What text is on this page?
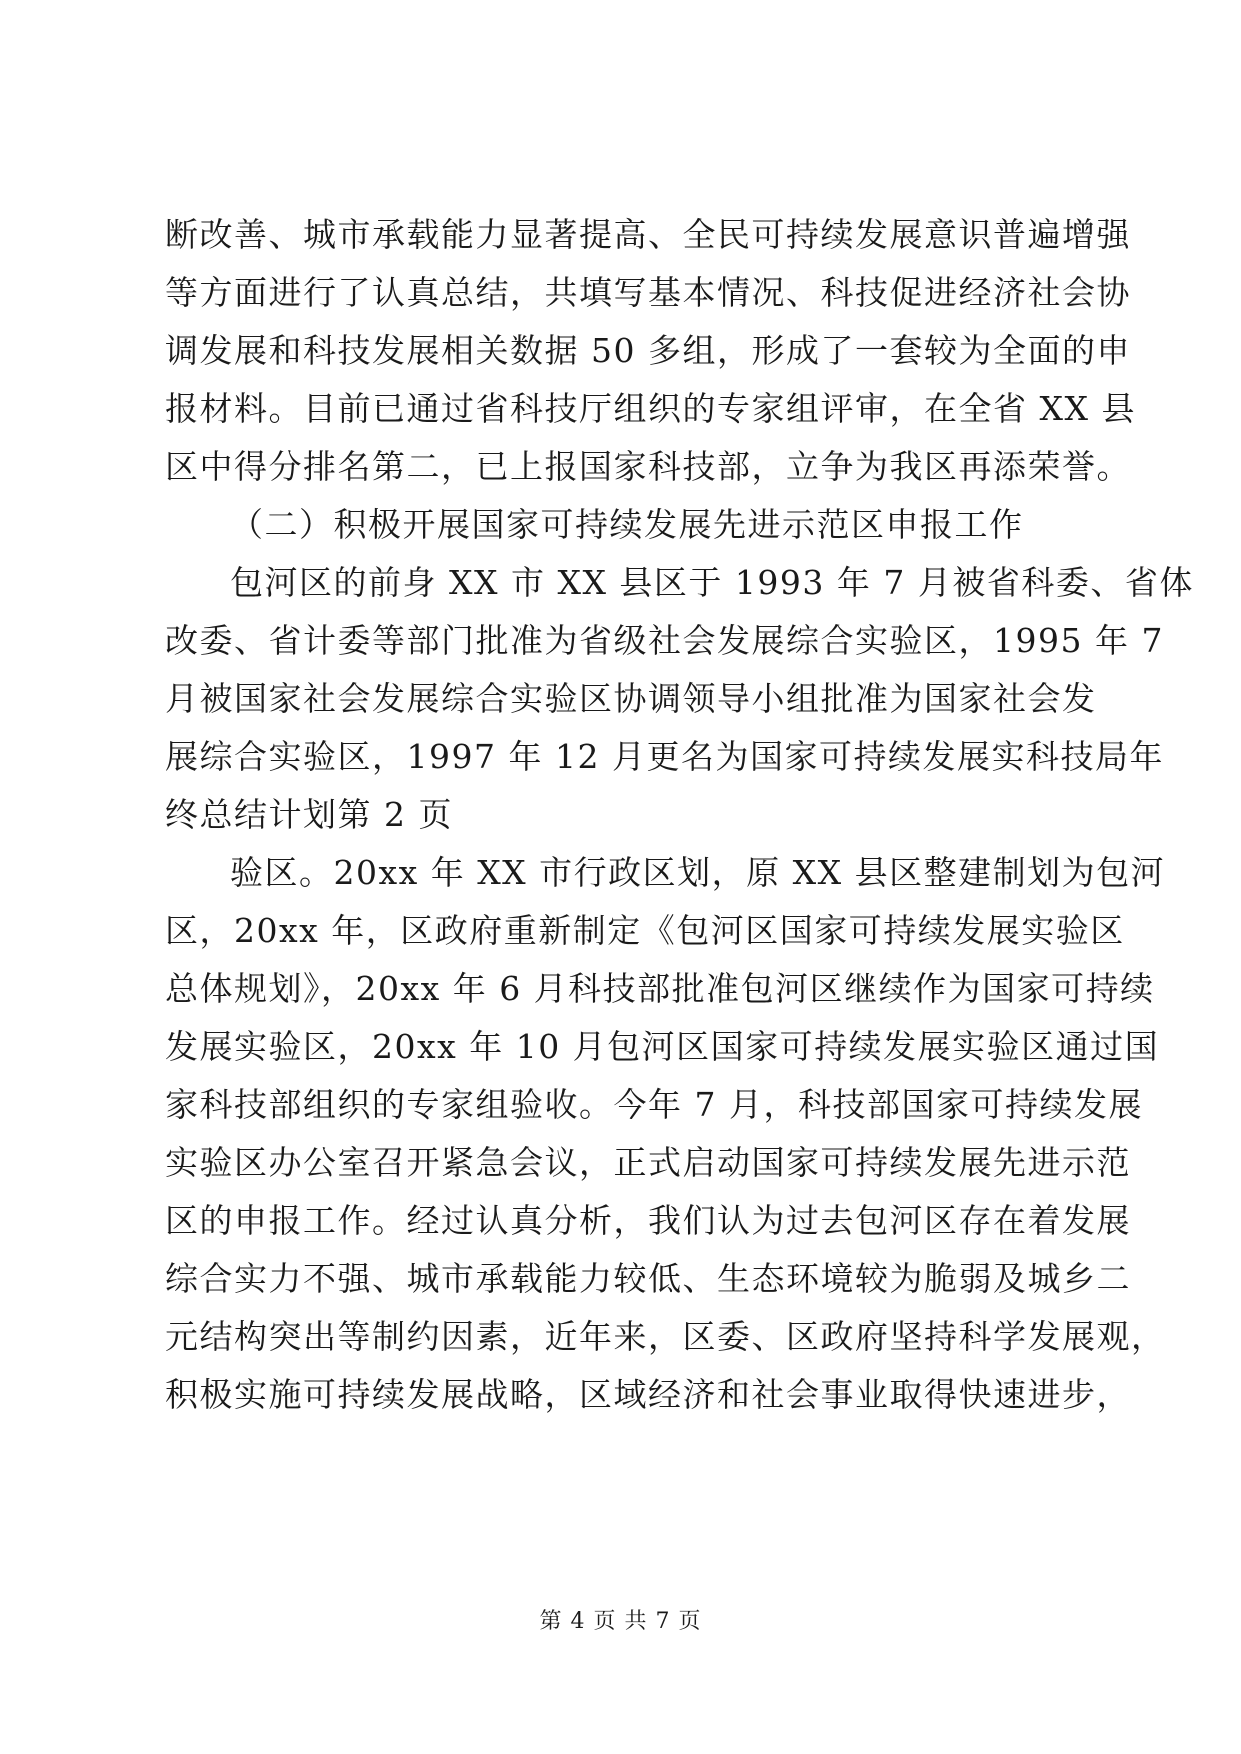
断改善、城市承载能力显著提高、全民可持续发展意识普遍增强
等方面进行了认真总结，共填写基本情况、科技促进经济社会协
调发展和科技发展相关数据 50 多组，形成了一套较为全面的申
报材料。目前已通过省科技厅组织的专家组评审，在全省 XX 县
区中得分排名第二，已上报国家科技部，立争为我区再添荣誉。
（二）积极开展国家可持续发展先进示范区申报工作
包河区的前身 XX 市 XX 县区于 1993 年 7 月被省科委、省体
改委、省计委等部门批准为省级社会发展综合实验区，1995 年 7
月被国家社会发展综合实验区协调领导小组批准为国家社会发
展综合实验区，1997 年 12 月更名为国家可持续发展实科技局年
终总结计划第 2 页
验区。20xx 年 XX 市行政区划，原 XX 县区整建制划为包河
区，20xx 年，区政府重新制定《包河区国家可持续发展实验区
总体规划》，20xx 年 6 月科技部批准包河区继续作为国家可持续
发展实验区，20xx 年 10 月包河区国家可持续发展实验区通过国
家科技部组织的专家组验收。今年 7 月，科技部国家可持续发展
实验区办公室召开紧急会议，正式启动国家可持续发展先进示范
区的申报工作。经过认真分析，我们认为过去包河区存在着发展
综合实力不强、城市承载能力较低、生态环境较为脆弱及城乡二
元结构突出等制约因素，近年来，区委、区政府坚持科学发展观，
积极实施可持续发展战略，区域经济和社会事业取得快速进步，
第 4 页 共 7 页
